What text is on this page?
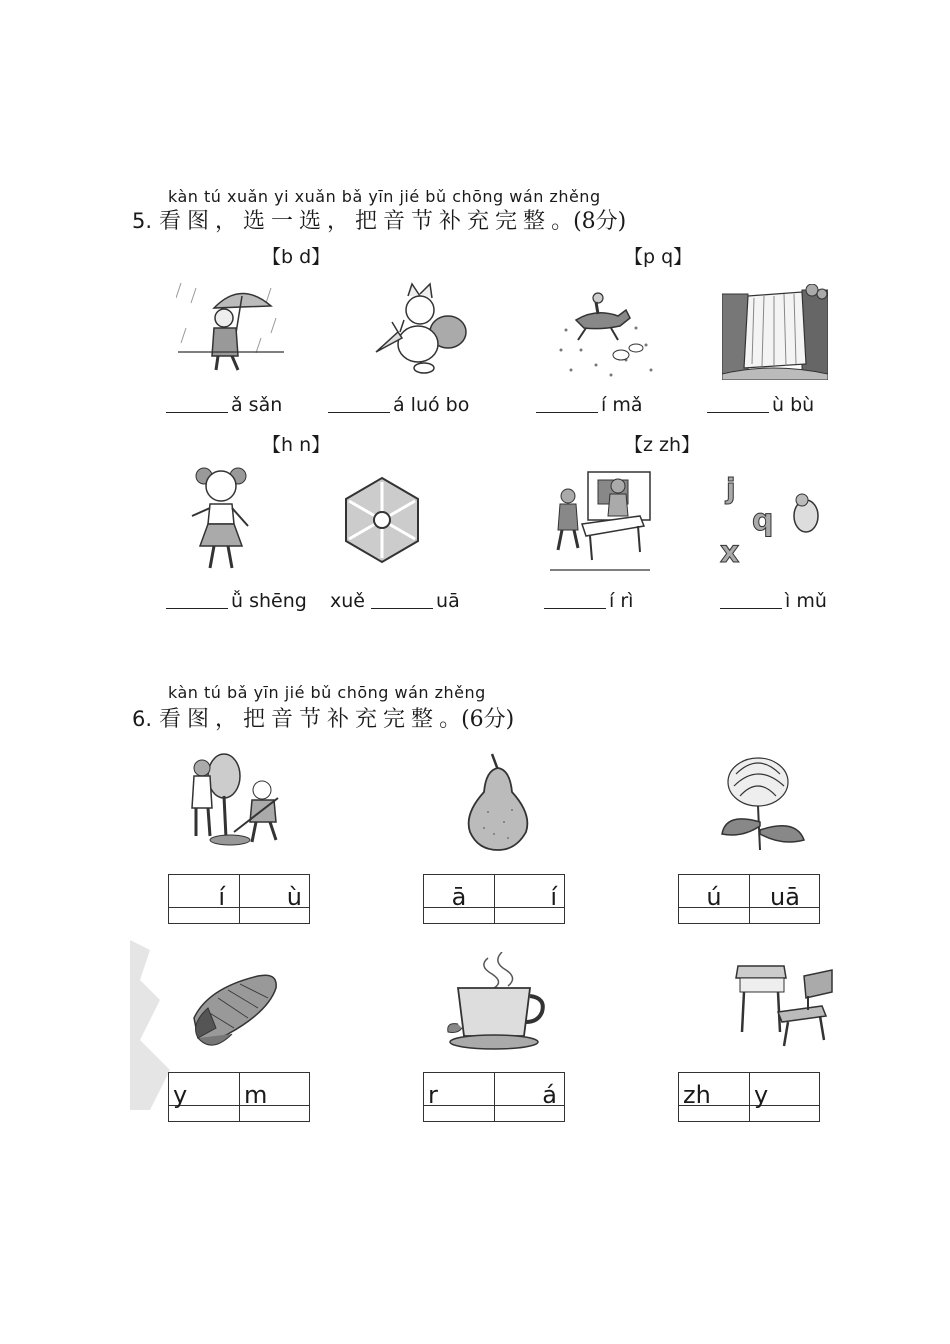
kàn tú xuǎn yi xuǎn bǎ yīn jié bǔ chōng wán zhěng
5. 看图，选一选，把音节补充完整。(8分)
【b d】	【p q】
ǎ sǎn	á luó bo	í mǎ	ù bù
【h n】	【z zh】
j
q
x
ǚ shēng xuě	uā	í rì	ì mǔ
kàn tú bǎ yīn jié bǔ chōng wán zhěng
6. 看图，把音节补充完整。(6分)
í	ù	ā	í	ú	uā
y	m	r	á	zh	y
